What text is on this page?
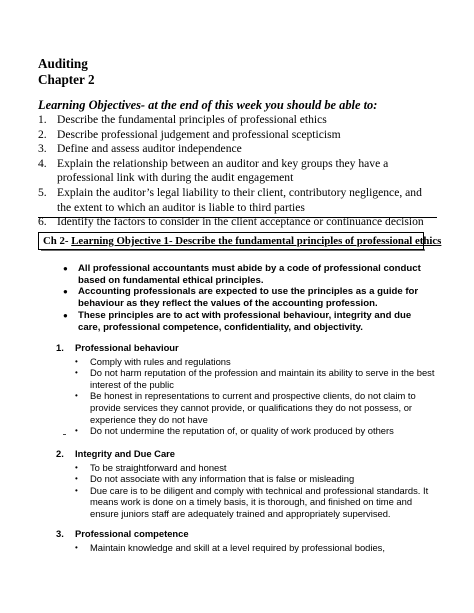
Auditing
Chapter 2
Learning Objectives- at the end of this week you should be able to:
1. Describe the fundamental principles of professional ethics
2. Describe professional judgement and professional scepticism
3. Define and assess auditor independence
4. Explain the relationship between an auditor and key groups they have a professional link with during the audit engagement
5. Explain the auditor’s legal liability to their client, contributory negligence, and the extent to which an auditor is liable to third parties
6. Identify the factors to consider in the client acceptance or continuance decision
Ch 2- Learning Objective 1- Describe the fundamental principles of professional ethics
● All professional accountants must abide by a code of professional conduct based on fundamental ethical principles.
● Accounting professionals are expected to use the principles as a guide for behaviour as they reflect the values of the accounting profession.
● These principles are to act with professional behaviour, integrity and due care, professional competence, confidentiality, and objectivity.
1. Professional behaviour
• Comply with rules and regulations
• Do not harm reputation of the profession and maintain its ability to serve in the best interest of the public
• Be honest in representations to current and prospective clients, do not claim to provide services they cannot provide, or qualifications they do not possess, or experience they do not have
• Do not undermine the reputation of, or quality of work produced by others
2. Integrity and Due Care
• To be straightforward and honest
• Do not associate with any information that is false or misleading
• Due care is to be diligent and comply with technical and professional standards. It means work is done on a timely basis, it is thorough, and finished on time and ensure juniors staff are adequately trained and appropriately supervised.
3. Professional competence
• Maintain knowledge and skill at a level required by professional bodies,
